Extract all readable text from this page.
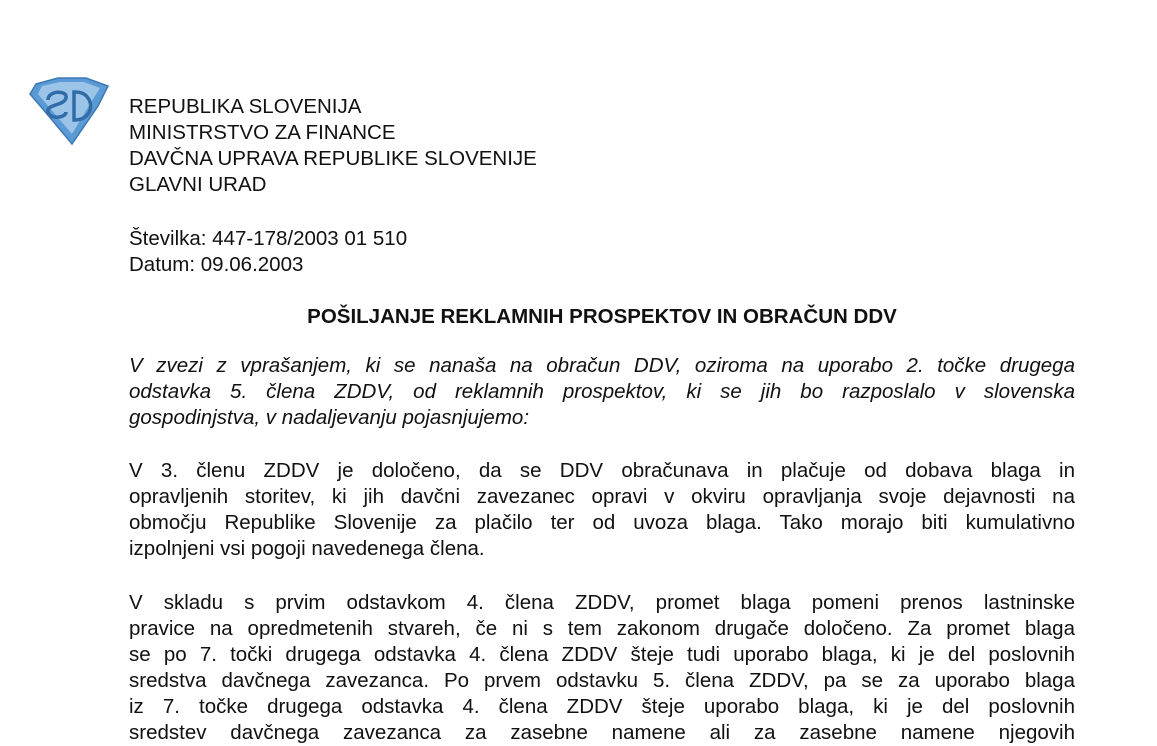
REPUBLIKA SLOVENIJA
MINISTRSTVO ZA FINANCE
DAVČNA UPRAVA REPUBLIKE SLOVENIJE
GLAVNI URAD
Številka: 447-178/2003 01 510
Datum: 09.06.2003
POŠILJANJE REKLAMNIH PROSPEKTOV IN OBRAČUN DDV
V zvezi z vprašanjem, ki se nanaša na obračun DDV, oziroma na uporabo 2. točke drugega
odstavka 5. člena ZDDV, od reklamnih prospektov, ki se jih bo razposlalo v slovenska
gospodinjstva, v nadaljevanju pojasnjujemo:
V 3. členu ZDDV je določeno, da se DDV obračunava in plačuje od dobava blaga in
opravljenih storitev, ki jih davčni zavezanec opravi v okviru opravljanja svoje dejavnosti na
območju Republike Slovenije za plačilo ter od uvoza blaga. Tako morajo biti kumulativno
izpolnjeni vsi pogoji navedenega člena.
V skladu s prvim odstavkom 4. člena ZDDV, promet blaga pomeni prenos lastninske
pravice na opredmetenih stvareh, če ni s tem zakonom drugače določeno. Za promet blaga
se po 7. točki drugega odstavka 4. člena ZDDV šteje tudi uporabo blaga, ki je del poslovnih
sredstva davčnega zavezanca. Po prvem odstavku 5. člena ZDDV, pa se za uporabo blaga
iz 7. točke drugega odstavka 4. člena ZDDV šteje uporabo blaga, ki je del poslovnih
sredstev davčnega zavezanca za zasebne namene ali za zasebne namene njegovih
